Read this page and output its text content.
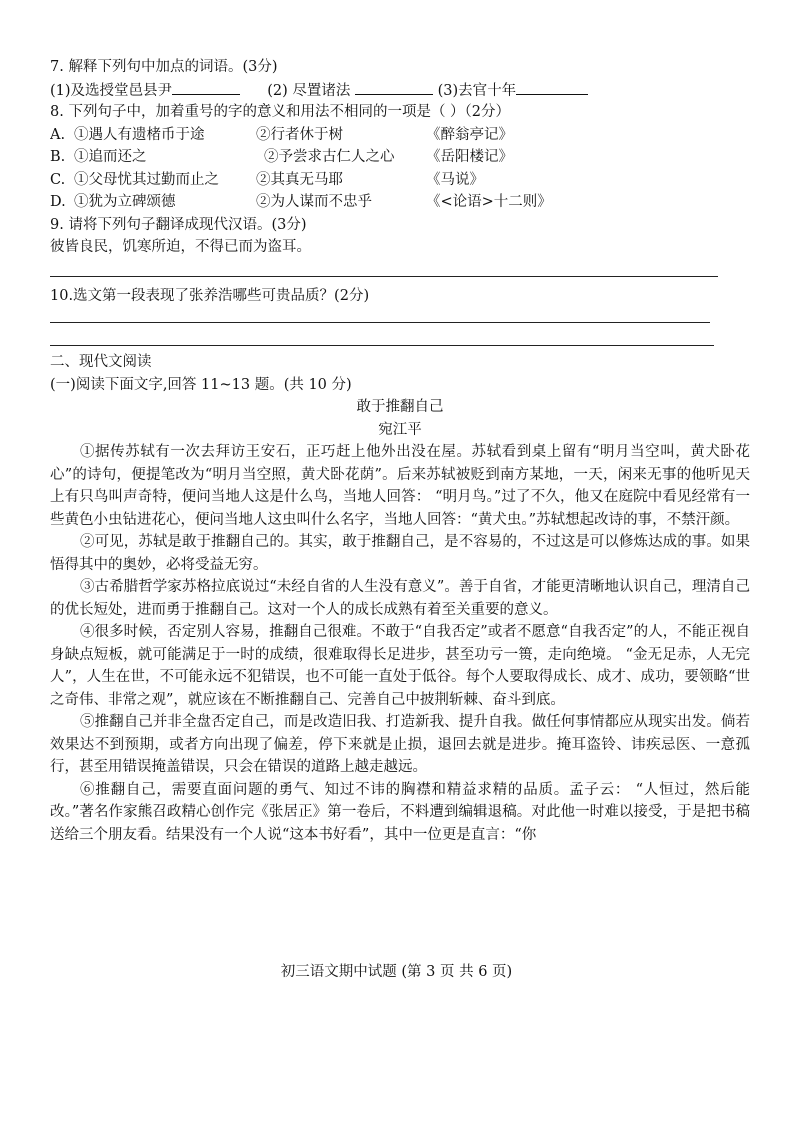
7. 解释下列句中加点的词语。(3分)
(1)及选授堂邑县尹	(2) 尽置诸法	(3)去官十年
8. 下列句子中，加着重号的字的意义和用法不相同的一项是（ ）（2分）
A. ①遇人有遗楮币于途	②行者休于树	《醉翁亭记》
B. ①追而还之	②予尝求古仁人之心 《岳阳楼记》
C. ①父母忧其过勤而止之	②其真无马耶	《马说》
D. ①犹为立碑颂德	②为人谋而不忠乎	《<论语>十二则》
9. 请将下列句子翻译成现代汉语。(3分)
彼皆良民，饥寒所迫，不得已而为盗耳。
10.选文第一段表现了张养浩哪些可贵品质？(2分)
二、现代文阅读
(一)阅读下面文字,回答 11~13 题。(共 10 分)
敢于推翻自己
宛江平

①据传苏轼有一次去拜访王安石，正巧赶上他外出没在屋。苏轼看到桌上留有“明月当空叫，黄犬卧花心”的诗句，便提笔改为“明月当空照，黄犬卧花荫”。后来苏轼被贬到南方某地，一天，闲来无事的他听见天上有只鸟叫声奇特，便问当地人这是什么鸟，当地人回答： “明月鸟。”过了不久，他又在庭院中看见经常有一些黄色小虫钻进花心，便问当地人这虫叫什么名字，当地人回答：“黄犬虫。”苏轼想起改诗的事，不禁汗颜。

②可见，苏轼是敢于推翻自己的。其实，敢于推翻自己，是不容易的，不过这是可以修炼达成的事。如果悟得其中的奥妙，必将受益无穷。

③古希腊哲学家苏格拉底说过“未经自省的人生没有意义”。善于自省，才能更清晰地认识自己，理清自己的优长短处，进而勇于推翻自己。这对一个人的成长成熟有着至关重要的意义。

④很多时候，否定别人容易，推翻自己很难。不敢于“自我否定”或者不愿意“自我否定”的人，不能正视自身缺点短板，就可能满足于一时的成绩，很难取得长足进步，甚至功亏一篑，走向绝境。 “金无足赤，人无完人”，人生在世，不可能永远不犯错误，也不可能一直处于低谷。每个人要取得成长、成才、成功，要领略“世之奇伟、非常之观”，就应该在不断推翻自己、完善自己中披荆斩棘、奋斗到底。

⑤推翻自己并非全盘否定自己，而是改造旧我、打造新我、提升自我。做任何事情都应从现实出发。倘若效果达不到预期，或者方向出现了偏差，停下来就是止损，退回去就是进步。掩耳盗铃、讳疾忌医、一意孤行，甚至用错误掩盖错误，只会在错误的道路上越走越远。

⑥推翻自己，需要直面问题的勇气、知过不讳的胸襟和精益求精的品质。孟子云： “人恒过，然后能改。”著名作家熊召政精心创作完《张居正》第一卷后，不料遭到编辑退稿。对此他一时难以接受，于是把书稿送给三个朋友看。结果没有一个人说“这本书好看”，其中一位更是直言：“你

初三语文期中试题 (第 3 页 共 6 页)
